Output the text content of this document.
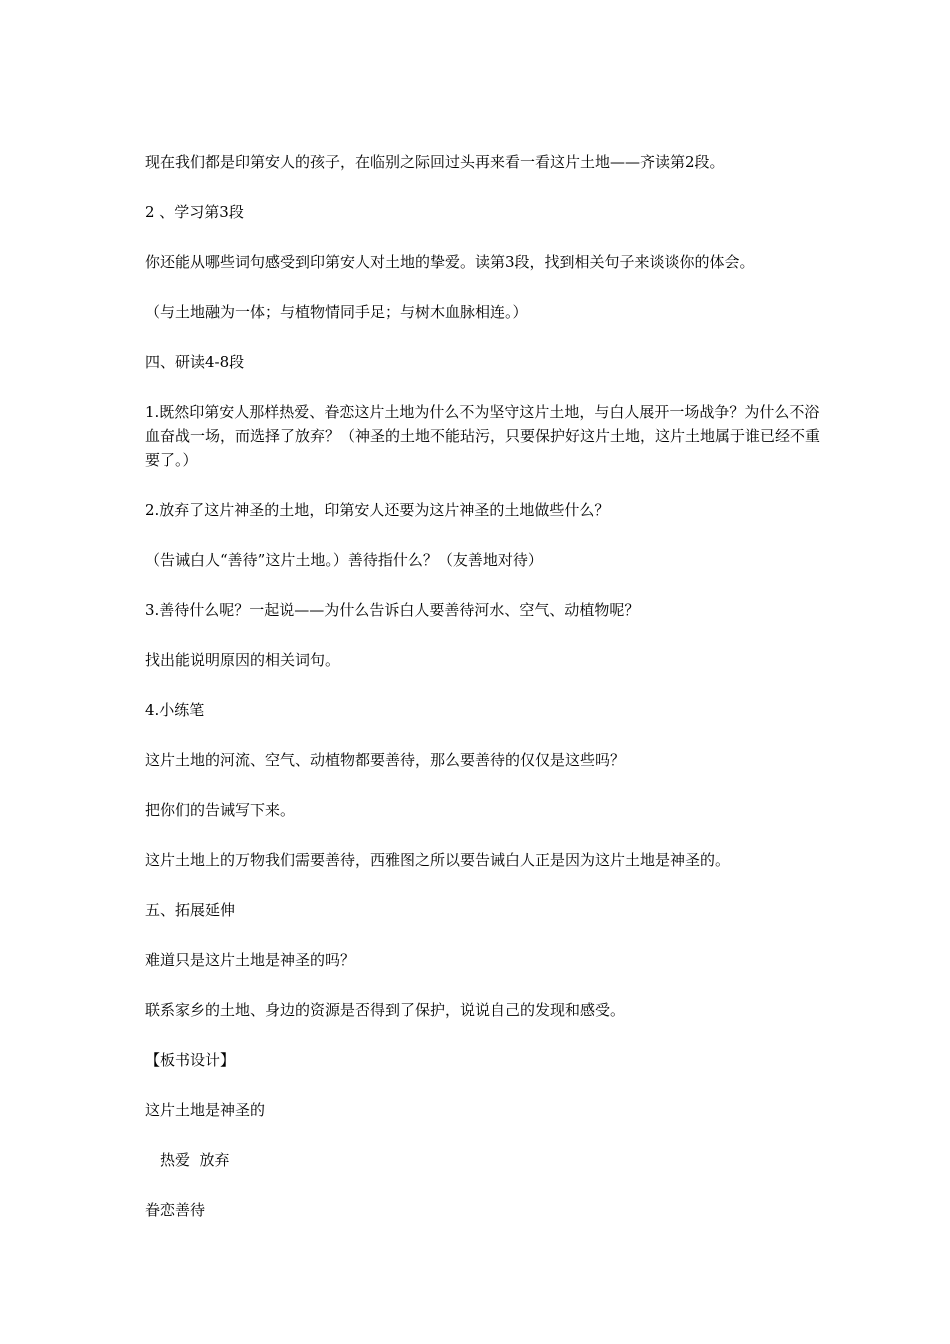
现在我们都是印第安人的孩子，在临别之际回过头再来看一看这片土地——齐读第2段。

2 、学习第3段

你还能从哪些词句感受到印第安人对土地的挚爱。读第3段，找到相关句子来谈谈你的体会。

（与土地融为一体；与植物情同手足；与树木血脉相连。）

四、研读4-8段

1.既然印第安人那样热爱、眷恋这片土地为什么不为坚守这片土地，与白人展开一场战争？为什么不浴血奋战一场，而选择了放弃？（神圣的土地不能玷污，只要保护好这片土地，这片土地属于谁已经不重要了。）

2.放弃了这片神圣的土地，印第安人还要为这片神圣的土地做些什么？

（告诫白人“善待”这片土地。）善待指什么？（友善地对待）

3.善待什么呢？一起说——为什么告诉白人要善待河水、空气、动植物呢？

找出能说明原因的相关词句。

4.小练笔

这片土地的河流、空气、动植物都要善待，那么要善待的仅仅是这些吗？

把你们的告诫写下来。

这片土地上的万物我们需要善待，西雅图之所以要告诫白人正是因为这片土地是神圣的。

五、拓展延伸

难道只是这片土地是神圣的吗？

联系家乡的土地、身边的资源是否得到了保护，说说自己的发现和感受。

【板书设计】

这片土地是神圣的

　热爱  放弃

眷恋善待
